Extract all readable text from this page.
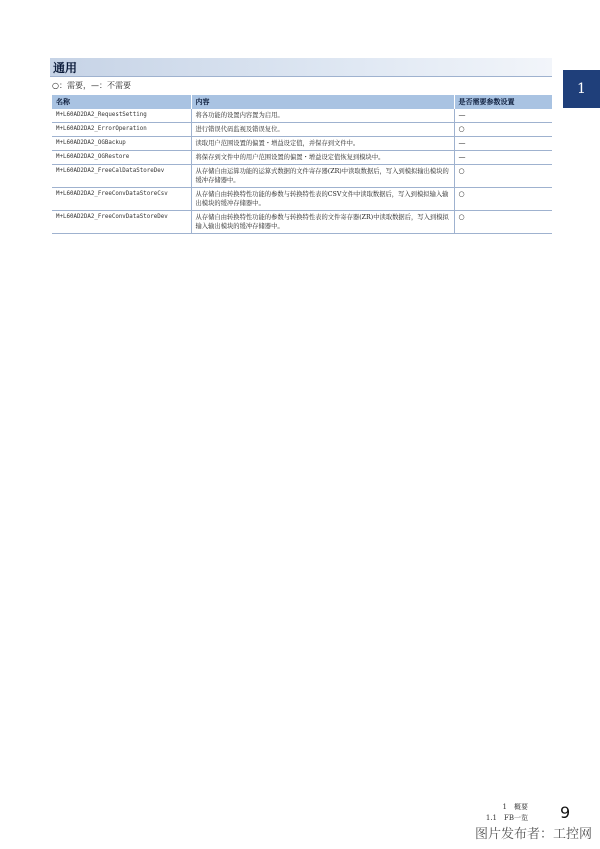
通用
○：需要，—：不需要
名称	内容	是否需要参数设置
M+L60AD2DA2_RequestSetting	将各功能的设置内容置为启用。	—
M+L60AD2DA2_ErrorOperation	进行错误代码监视及错误复位。	○
M+L60AD2DA2_OGBackup	读取用户范围设置的偏置・增益设定值，并保存到文件中。	—
M+L60AD2DA2_OGRestore	将保存到文件中的用户范围设置的偏置・增益设定值恢复到模块中。	—
M+L60AD2DA2_FreeCalDataStoreDev	从存储自由运算功能的运算式数据的文件寄存器(ZR)中读取数据后，写入到模拟输出模块的缓冲存储器中。	○
M+L60AD2DA2_FreeConvDataStoreCsv	从存储自由转换特性功能的参数与转换特性表的CSV文件中读取数据后，写入到模拟输入输出模块的缓冲存储器中。	○
M+L60AD2DA2_FreeConvDataStoreDev	从存储自由转换特性功能的参数与转换特性表的文件寄存器(ZR)中读取数据后，写入到模拟输入输出模块的缓冲存储器中。	○
1
1　概要
1.1　FB一览 9
图片发布者：工控网
